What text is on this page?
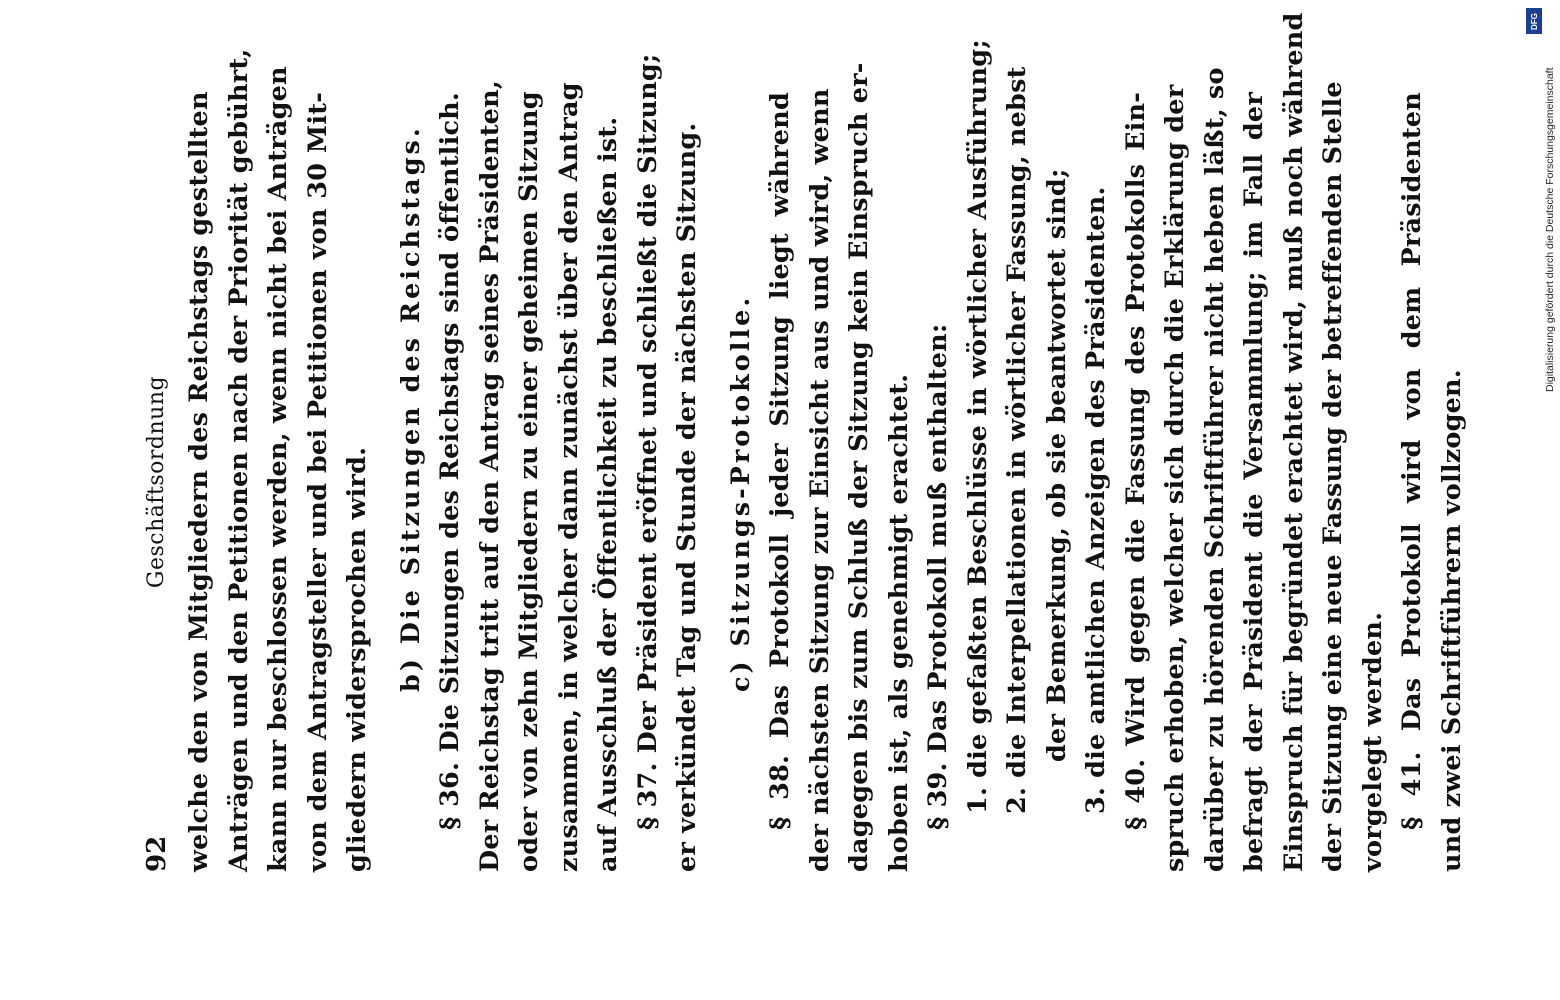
92
Geschäftsordnung welche den von Mitgliedern des Reichstags gestellten Anträgen und den Petitionen nach der Priorität gebührt, kann nur beschlossen werden, wenn nicht bei Anträgen von dem Antragsteller und bei Petitionen von 30 Mit- gliedern widersprochen wird. b) Die Sitzungen des Reichstags. § 36. Die Sitzungen des Reichstags sind öffentlich. Der Reichstag tritt auf den Antrag seines Präsidenten, oder von zehn Mitgliedern zu einer geheimen Sitzung zusammen, in welcher dann zunächst über den Antrag auf Ausschluß der Öffentlichkeit zu beschließen ist. § 37. Der Präsident eröffnet und schließt die Sitzung; er verkündet Tag und Stunde der nächsten Sitzung. c) Sitzungs-Protokolle. § 38. Das Protokoll jeder Sitzung liegt während der nächsten Sitzung zur Einsicht aus und wird, wenn dagegen bis zum Schluß der Sitzung kein Einspruch er- hoben ist, als genehmigt erachtet. § 39. Das Protokoll muß enthalten: 1. die gefaßten Beschlüsse in wörtlicher Ausführung; 2. die Interpellationen in wörtlicher Fassung, nebst der Bemerkung, ob sie beantwortet sind; 3. die amtlichen Anzeigen des Präsidenten. § 40. Wird gegen die Fassung des Protokolls Ein- spruch erhoben, welcher sich durch die Erklärung der darüber zu hörenden Schriftführer nicht heben läßt, so befragt der Präsident die Versammlung; im Fall der Einspruch für begründet erachtet wird, muß noch während der Sitzung eine neue Fassung der betreffenden Stelle vorgelegt werden. § 41. Das Protokoll wird von dem Präsidenten und zwei Schriftführern vollzogen.
DFG
Digitalisierung gefördert durch die Deutsche Forschungsgemeinschaft
